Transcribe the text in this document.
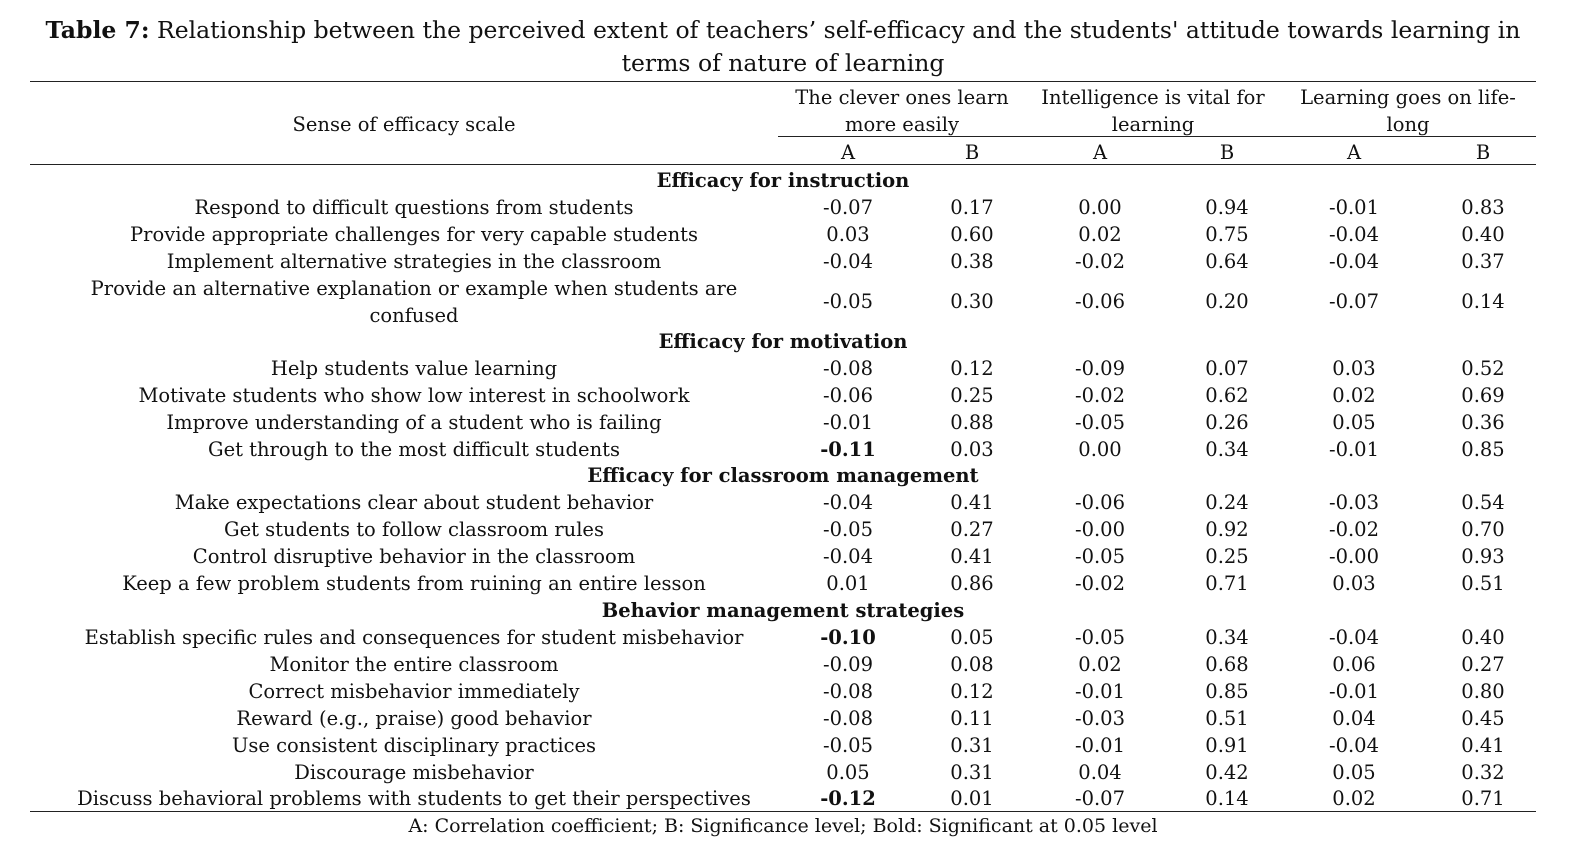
Table 7: Relationship between the perceived extent of teachers’ self-efficacy and the students' attitude towards learning in terms of nature of learning
Sense of efficacy scale
The clever ones learn more easily
Intelligence is vital for learning
Learning goes on life-long
A	B	A	B	A	B
Efficacy for instruction
Respond to difficult questions from students	-0.07	0.17	0.00	0.94	-0.01	0.83
Provide appropriate challenges for very capable students	0.03	0.60	0.02	0.75	-0.04	0.40
Implement alternative strategies in the classroom	-0.04	0.38	-0.02	0.64	-0.04	0.37
Provide an alternative explanation or example when students are confused
-0.05	0.30	-0.06	0.20	-0.07	0.14
Efficacy for motivation
Help students value learning	-0.08	0.12	-0.09	0.07	0.03	0.52
Motivate students who show low interest in schoolwork	-0.06	0.25	-0.02	0.62	0.02	0.69
Improve understanding of a student who is failing	-0.01	0.88	-0.05	0.26	0.05	0.36
Get through to the most difficult students	-0.11	0.03	0.00	0.34	-0.01	0.85
Efficacy for classroom management
Make expectations clear about student behavior	-0.04	0.41	-0.06	0.24	-0.03	0.54
Get students to follow classroom rules	-0.05	0.27	-0.00	0.92	-0.02	0.70
Control disruptive behavior in the classroom	-0.04	0.41	-0.05	0.25	-0.00	0.93
Keep a few problem students from ruining an entire lesson	0.01	0.86	-0.02	0.71	0.03	0.51
Behavior management strategies
Establish specific rules and consequences for student misbehavior	-0.10	0.05	-0.05	0.34	-0.04	0.40
Monitor the entire classroom	-0.09	0.08	0.02	0.68	0.06	0.27
Correct misbehavior immediately	-0.08	0.12	-0.01	0.85	-0.01	0.80
Reward (e.g., praise) good behavior	-0.08	0.11	-0.03	0.51	0.04	0.45
Use consistent disciplinary practices	-0.05	0.31	-0.01	0.91	-0.04	0.41
Discourage misbehavior	0.05	0.31	0.04	0.42	0.05	0.32
Discuss behavioral problems with students to get their perspectives	-0.12	0.01	-0.07	0.14	0.02	0.71
A: Correlation coefficient; B: Significance level; Bold: Significant at 0.05 level
